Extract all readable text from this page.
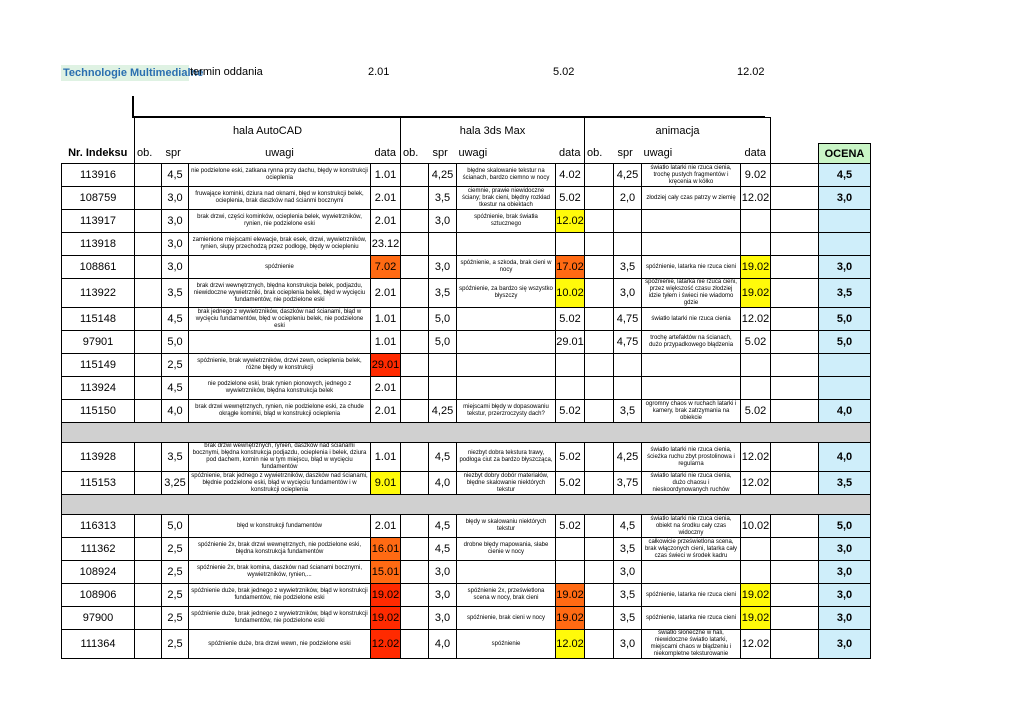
Technologie Multimedialne
termin oddania	2.01	5.02	12.02
	hala AutoCAD				hala 3ds Max				animacja					
Nr. Indeksu	ob.	spr	uwagi	data	ob.	spr	uwagi	data	ob.	spr	uwagi	data		OCENA
113916		4,5	nie podzielone eski, zatkana rynna przy dachu, błędy w konstrukcji ocieplenia	1.01		4,25	błędne skalowanie tekstur na ścianach, bardzo ciemno w nocy	4.02		4,25	światło latarki nie rzuca cienia, trochę pustych fragmentów i kręcenia w kółko	9.02		4,5
108759		3,0	fruwające kominki, dziura nad oknami, błęd w konstrukcji belek, ocieplenia, brak daszków nad ścianmi bocznymi	2.01		3,5	ciemnie, prawie niewidoczne ściany; brak cieni, błędny rozkład tkestur na obiektach	5.02		2,0	złodziej cały czas patrzy w ziemię	12.02		3,0
113917		3,0	brak drzwi, części kominków, ocieplenia belek, wywietrzników, rynien, nie podzielone eski	2.01		3,0	spóźnienie, brak światła sztucznego	12.02						
113918		3,0	zamienione miejscami elewacje, brak esek, drzwi, wywietrzników, rynien, słupy przechodzą przez podłogę, błędy w ociepleniu	23.12										
108861		3,0	spóźnienie	7.02		3,0	spóźnienie, a szkoda, brak cieni w nocy	17.02		3,5	spóźnienie, latarka nie rzuca cieni	19.02		3,0
113922		3,5	brak drzwi wewnętrznych, błędna konstrukcja belek, podjazdu, niewidoczne wywietrzniki, brak ocieplenia belek, błęd w wycięciu fundamentów, nie podzielone eski	2.01		3,5	spóźnienie, za bardzo się wszystko błyszczy	10.02		3,0	spóźnienie, latarka nie rzuca cieni, przez większość czasu złodziej idzie tyłem i świeci nie wiadomo gdzie	19.02		3,5
115148		4,5	brak jednego z wywietrzników, daszków nad ścianami, błąd w wycięciu fundamentów, błęd w ociepleniu belek, nie podzielone eski	1.01		5,0		5.02		4,75	światło latarki nie rzuca cienia	12.02		5,0
97901		5,0		1.01		5,0		29.01		4,75	trochę artefaktów na ścianach, dużo przypadkowego błądzenia	5.02		5,0
115149		2,5	spóźnienie, brak wywietrzników, drzwi zewn, ocieplenia belek, różne błędy w konstrukcji	29.01										
113924		4,5	nie podzielone eski, brak rynien pionowych, jednego z wywietrzników, błędna konstrukcja belek	2.01										
115150		4,0	brak drzwi wewnętrznych, rynien, nie podzielone eski, za chude okrągłe kominki, błąd w konstrukcji ocieplenia	2.01		4,25	miejscami błędy w dopasowaniu tekstur, przerzroczysty dach?	5.02		3,5	ogromny chaos w ruchach latarki i kamery, brak zatrzymania na obiekcie	5.02		4,0

113928		3,5	brak drzwi wewnętrznych, rynien, daszków nad ścianami bocznymi, błędna konstrukcja podjazdu, ocieplenia i belek, dziura pod dachem, komin nie w tym miejscu, błąd w wycięciu fundamentów	1.01		4,5	niezbyt dobra tekstura trawy, podłoga ciut za bardzo błyszcząca,	5.02		4,25	światło latarki nie rzuca cienia, ścieżka ruchu zbyt prostolinowa i regularna	12.02		4,0
115153		3,25	spóźnienie, brak jednego z wywietrzników, daszków nad ścianami, błędnie podzielone eski, błąd w wycięciu fundamentów i w konstrukcji ocieplenia	9.01		4,0	niezbyt dobry dobór materiałów, błędne skalowanie niektórych tekstur	5.02		3,75	światło latarki nie rzuca cienia, dużo chaosu i nieskoordynowanych ruchów	12.02		3,5

116313		5,0	błęd w konstrukcji fundamentów	2.01		4,5	błędy w skalowaniu niektórych tekstur	5.02		4,5	światło latarki nie rzuca cienia, obiekt na środku cały czas widoczny	10.02		5,0
111362		2,5	spóźnienie 2x, brak drzwi wewnętrznych, nie podzielone eski, błędna konstrukcja fundamentów	16.01		4,5	drobne błędy mapowania, słabe cienie w nocy			3,5	całkowicie prześwietlona scena, brak włączonych cieni, latarka cały czas świeci w środek kadru			3,0
108924		2,5	spóźnienie 2x, brak komina, daszków nad ścianami bocznymi, wywietrzników, rynien,...	15.01		3,0				3,0				3,0
108906		2,5	spóźnienie duże, brak jednego z wywietrzników, błąd w konstrukcji fundamentów, nie podzielone eski	19.02		3,0	spóźnienie 2x, prześwietlona scena w nocy, brak cieni	19.02		3,5	spóźnienie, latarka nie rzuca cieni	19.02		3,0
97900		2,5	spóźnienie duże, brak jednego z wywietrzników, błąd w konstrukcji fundamentów, nie podzielone eski	19.02		3,0	spóźnienie, brak cieni w nocy	19.02		3,5	spóźnienie, latarka nie rzuca cieni	19.02		3,0
111364		2,5	spóźnienie duże, bra drzwi wewn, nie podzielone eski	12.02		4,0	spóźnienie	12.02		3,0	światło słoneczne w hali, niewidoczne światło latarki, miejscami chaos w błądzeniu i niekompletne teksturowanie	12.02		3,0
